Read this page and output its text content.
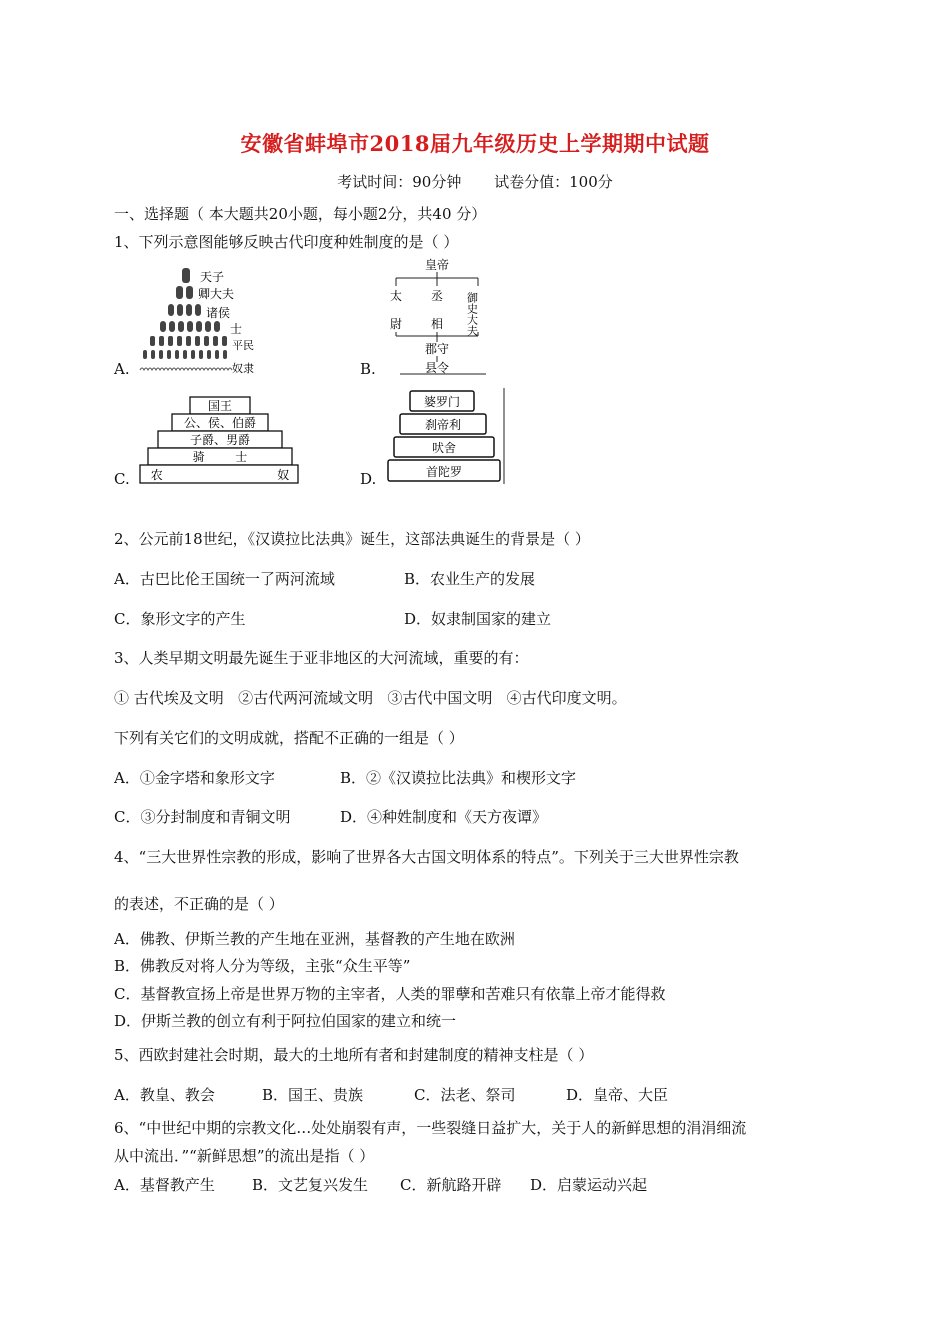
安徽省蚌埠市2018届九年级历史上学期期中试题
考试时间：90分钟 试卷分值：100分
一、选择题（ 本大题共20小题，每小题2分，共40 分）
1、下列示意图能够反映古代印度种姓制度的是（ ）
A.
天子
卿大夫
诸侯
士
平民
奴隶	B.
皇帝
太
尉
丞
相 御史大夫
郡守
县令
C.
国王
公、侯、伯爵
子爵、男爵
骑        士
农                              奴	D.
婆罗门
刹帝利
吠舍
首陀罗
2、公元前18世纪，《汉谟拉比法典》诞生，这部法典诞生的背景是（ ）
A．古巴比伦王国统一了两河流域	B．农业生产的发展
C．象形文字的产生	D．奴隶制国家的建立
3、人类早期文明最先诞生于亚非地区的大河流域，重要的有：
① 古代埃及文明   ②古代两河流域文明   ③古代中国文明   ④古代印度文明。
下列有关它们的文明成就，搭配不正确的一组是（ ）
A．①金字塔和象形文字	B．②《汉谟拉比法典》和楔形文字
C．③分封制度和青铜文明	D．④种姓制度和《天方夜谭》
4、“三大世界性宗教的形成，影响了世界各大古国文明体系的特点”。下列关于三大世界性宗教
的表述，不正确的是（ ）
A．佛教、伊斯兰教的产生地在亚洲，基督教的产生地在欧洲
B．佛教反对将人分为等级，主张“众生平等”
C．基督教宣扬上帝是世界万物的主宰者，人类的罪孽和苦难只有依靠上帝才能得救
D．伊斯兰教的创立有利于阿拉伯国家的建立和统一
5、西欧封建社会时期，最大的土地所有者和封建制度的精神支柱是（ ）
A．教皇、教会	B．国王、贵族	C．法老、祭司	D．皇帝、大臣
6、“中世纪中期的宗教文化…处处崩裂有声，一些裂缝日益扩大，关于人的新鲜思想的涓涓细流
从中流出．”“新鲜思想”的流出是指（ ）
A．基督教产生 B．文艺复兴发生 C．新航路开辟 D．启蒙运动兴起
